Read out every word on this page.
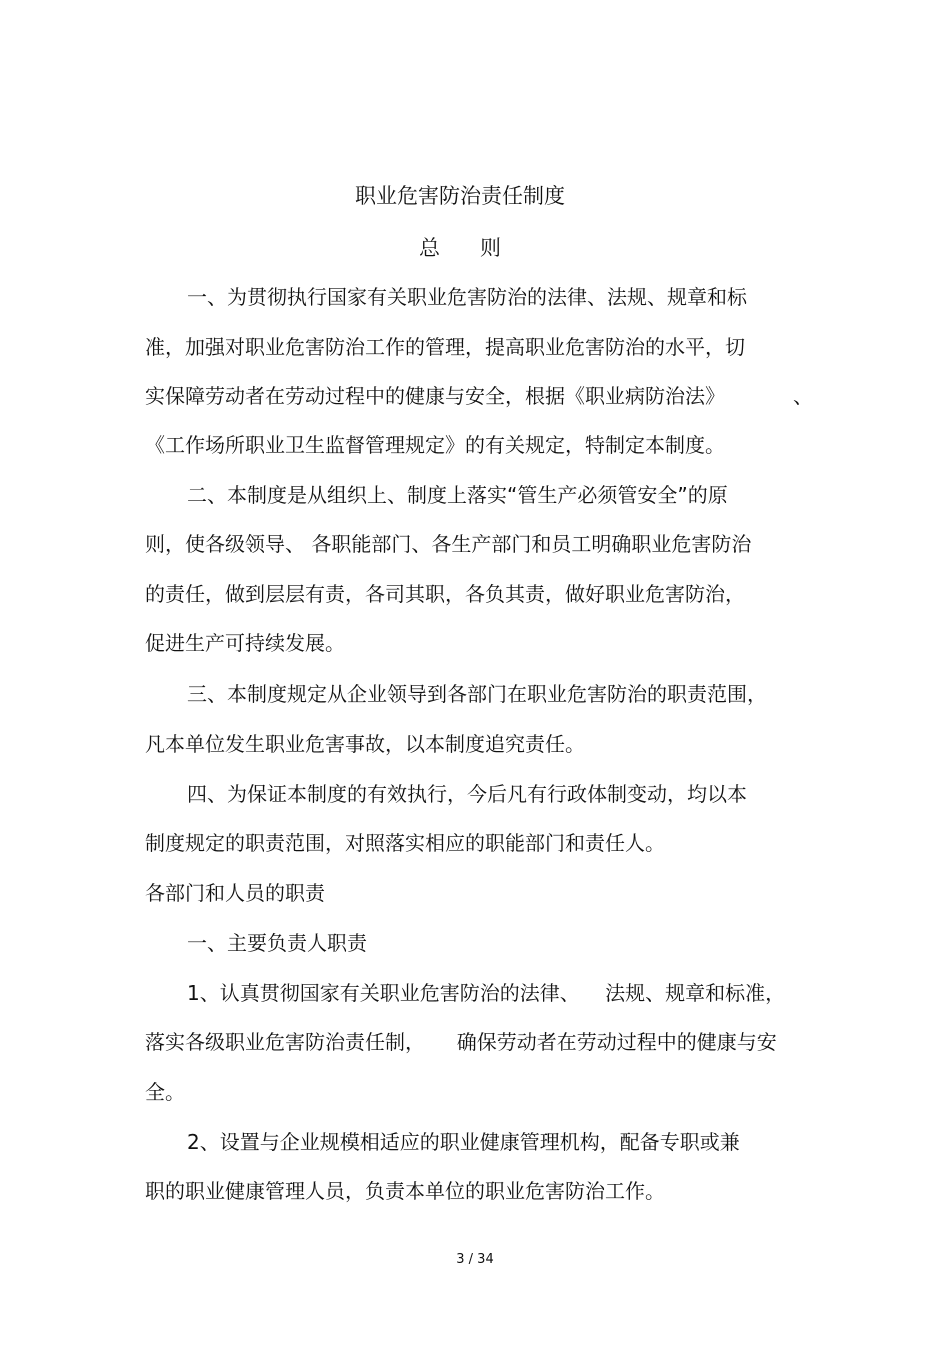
职业危害防治责任制度
总      则
一、为贯彻执行国家有关职业危害防治的法律、法规、规章和标
准，加强对职业危害防治工作的管理，提高职业危害防治的水平，切
实保障劳动者在劳动过程中的健康与安全，根据《职业病防治法》	、
《工作场所职业卫生监督管理规定》的有关规定，特制定本制度。
二、本制度是从组织上、制度上落实“管生产必须管安全”的原
则，使各级领导、 各职能部门、各生产部门和员工明确职业危害防治
的责任，做到层层有责，各司其职，各负其责，做好职业危害防治，
促进生产可持续发展。
三、本制度规定从企业领导到各部门在职业危害防治的职责范围，
凡本单位发生职业危害事故，以本制度追究责任。
四、为保证本制度的有效执行，今后凡有行政体制变动，均以本
制度规定的职责范围，对照落实相应的职能部门和责任人。
各部门和人员的职责
一、主要负责人职责
1、认真贯彻国家有关职业危害防治的法律、    法规、规章和标准，
落实各级职业危害防治责任制，     确保劳动者在劳动过程中的健康与安
全。
2、设置与企业规模相适应的职业健康管理机构，配备专职或兼
职的职业健康管理人员，负责本单位的职业危害防治工作。
3 / 34
